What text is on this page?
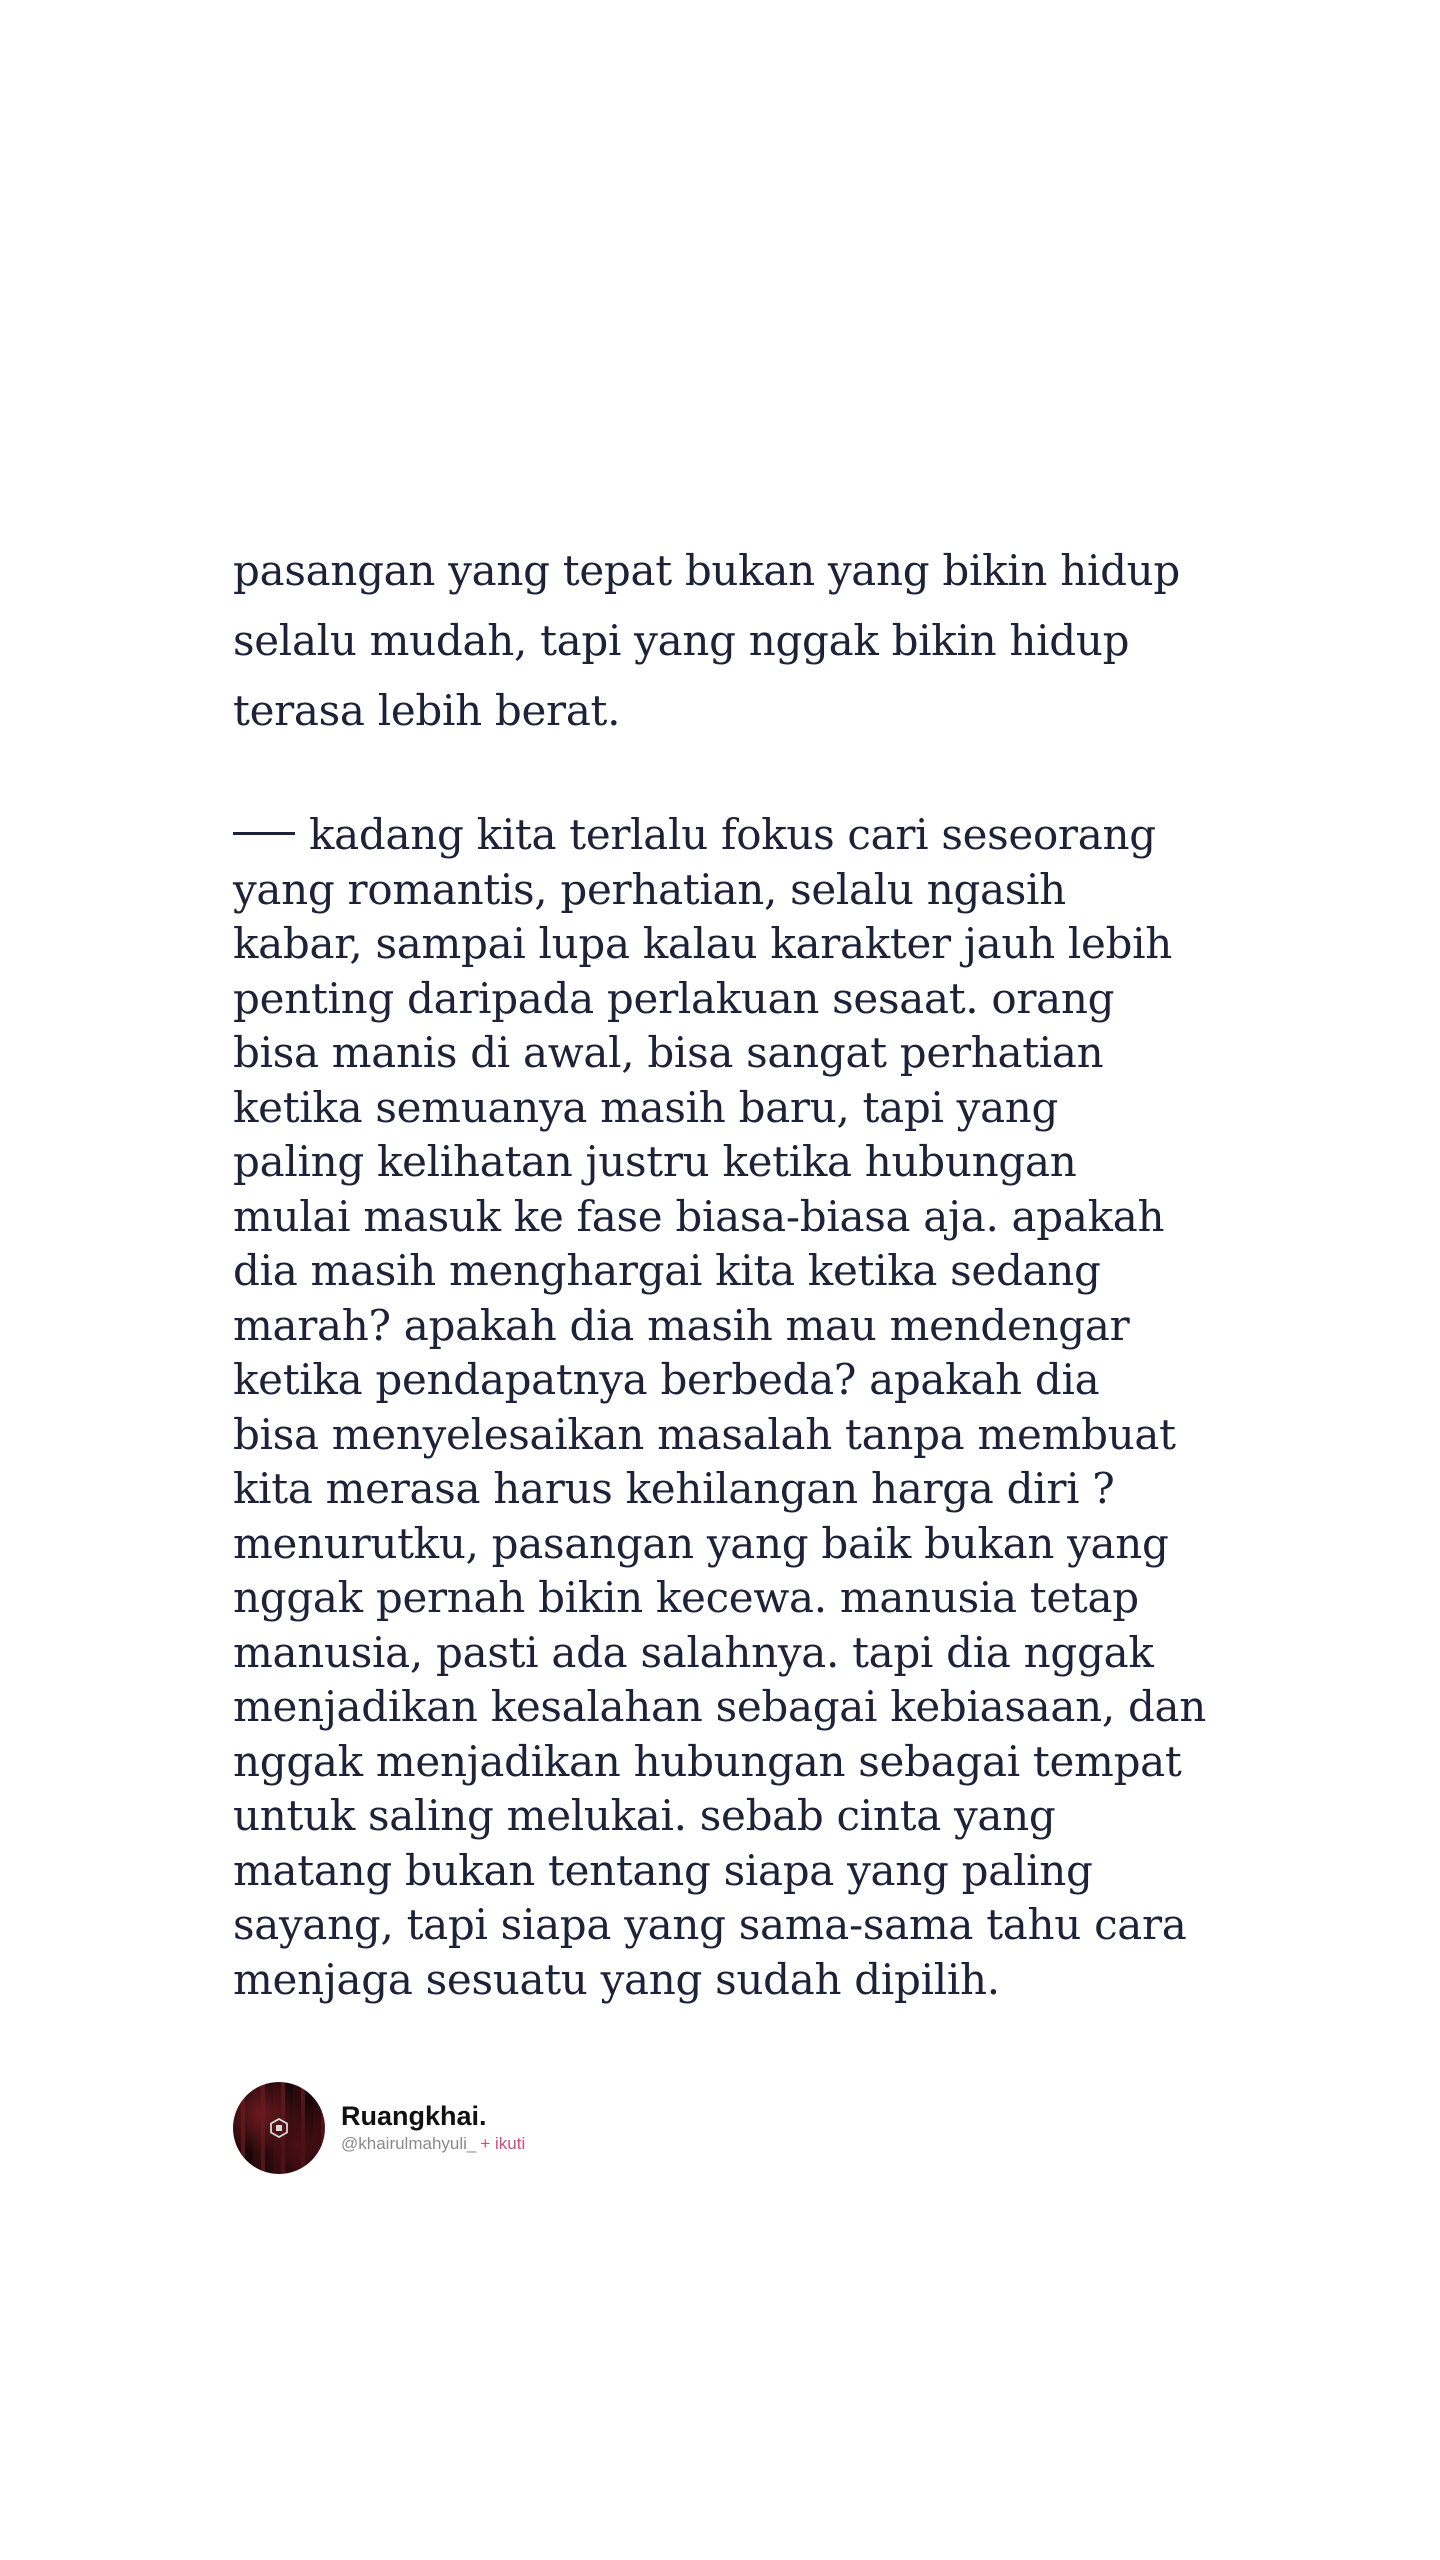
pasangan yang tepat bukan yang bikin hidup
selalu mudah, tapi yang nggak bikin hidup
terasa lebih berat.
kadang kita terlalu fokus cari seseorang
yang romantis, perhatian, selalu ngasih
kabar, sampai lupa kalau karakter jauh lebih
penting daripada perlakuan sesaat. orang
bisa manis di awal, bisa sangat perhatian
ketika semuanya masih baru, tapi yang
paling kelihatan justru ketika hubungan
mulai masuk ke fase biasa-biasa aja. apakah
dia masih menghargai kita ketika sedang
marah? apakah dia masih mau mendengar
ketika pendapatnya berbeda? apakah dia
bisa menyelesaikan masalah tanpa membuat
kita merasa harus kehilangan harga diri ?
menurutku, pasangan yang baik bukan yang
nggak pernah bikin kecewa. manusia tetap
manusia, pasti ada salahnya. tapi dia nggak
menjadikan kesalahan sebagai kebiasaan, dan
nggak menjadikan hubungan sebagai tempat
untuk saling melukai. sebab cinta yang
matang bukan tentang siapa yang paling
sayang, tapi siapa yang sama-sama tahu cara
menjaga sesuatu yang sudah dipilih.
Ruangkhai.
@khairulmahyuli_ + ikuti
